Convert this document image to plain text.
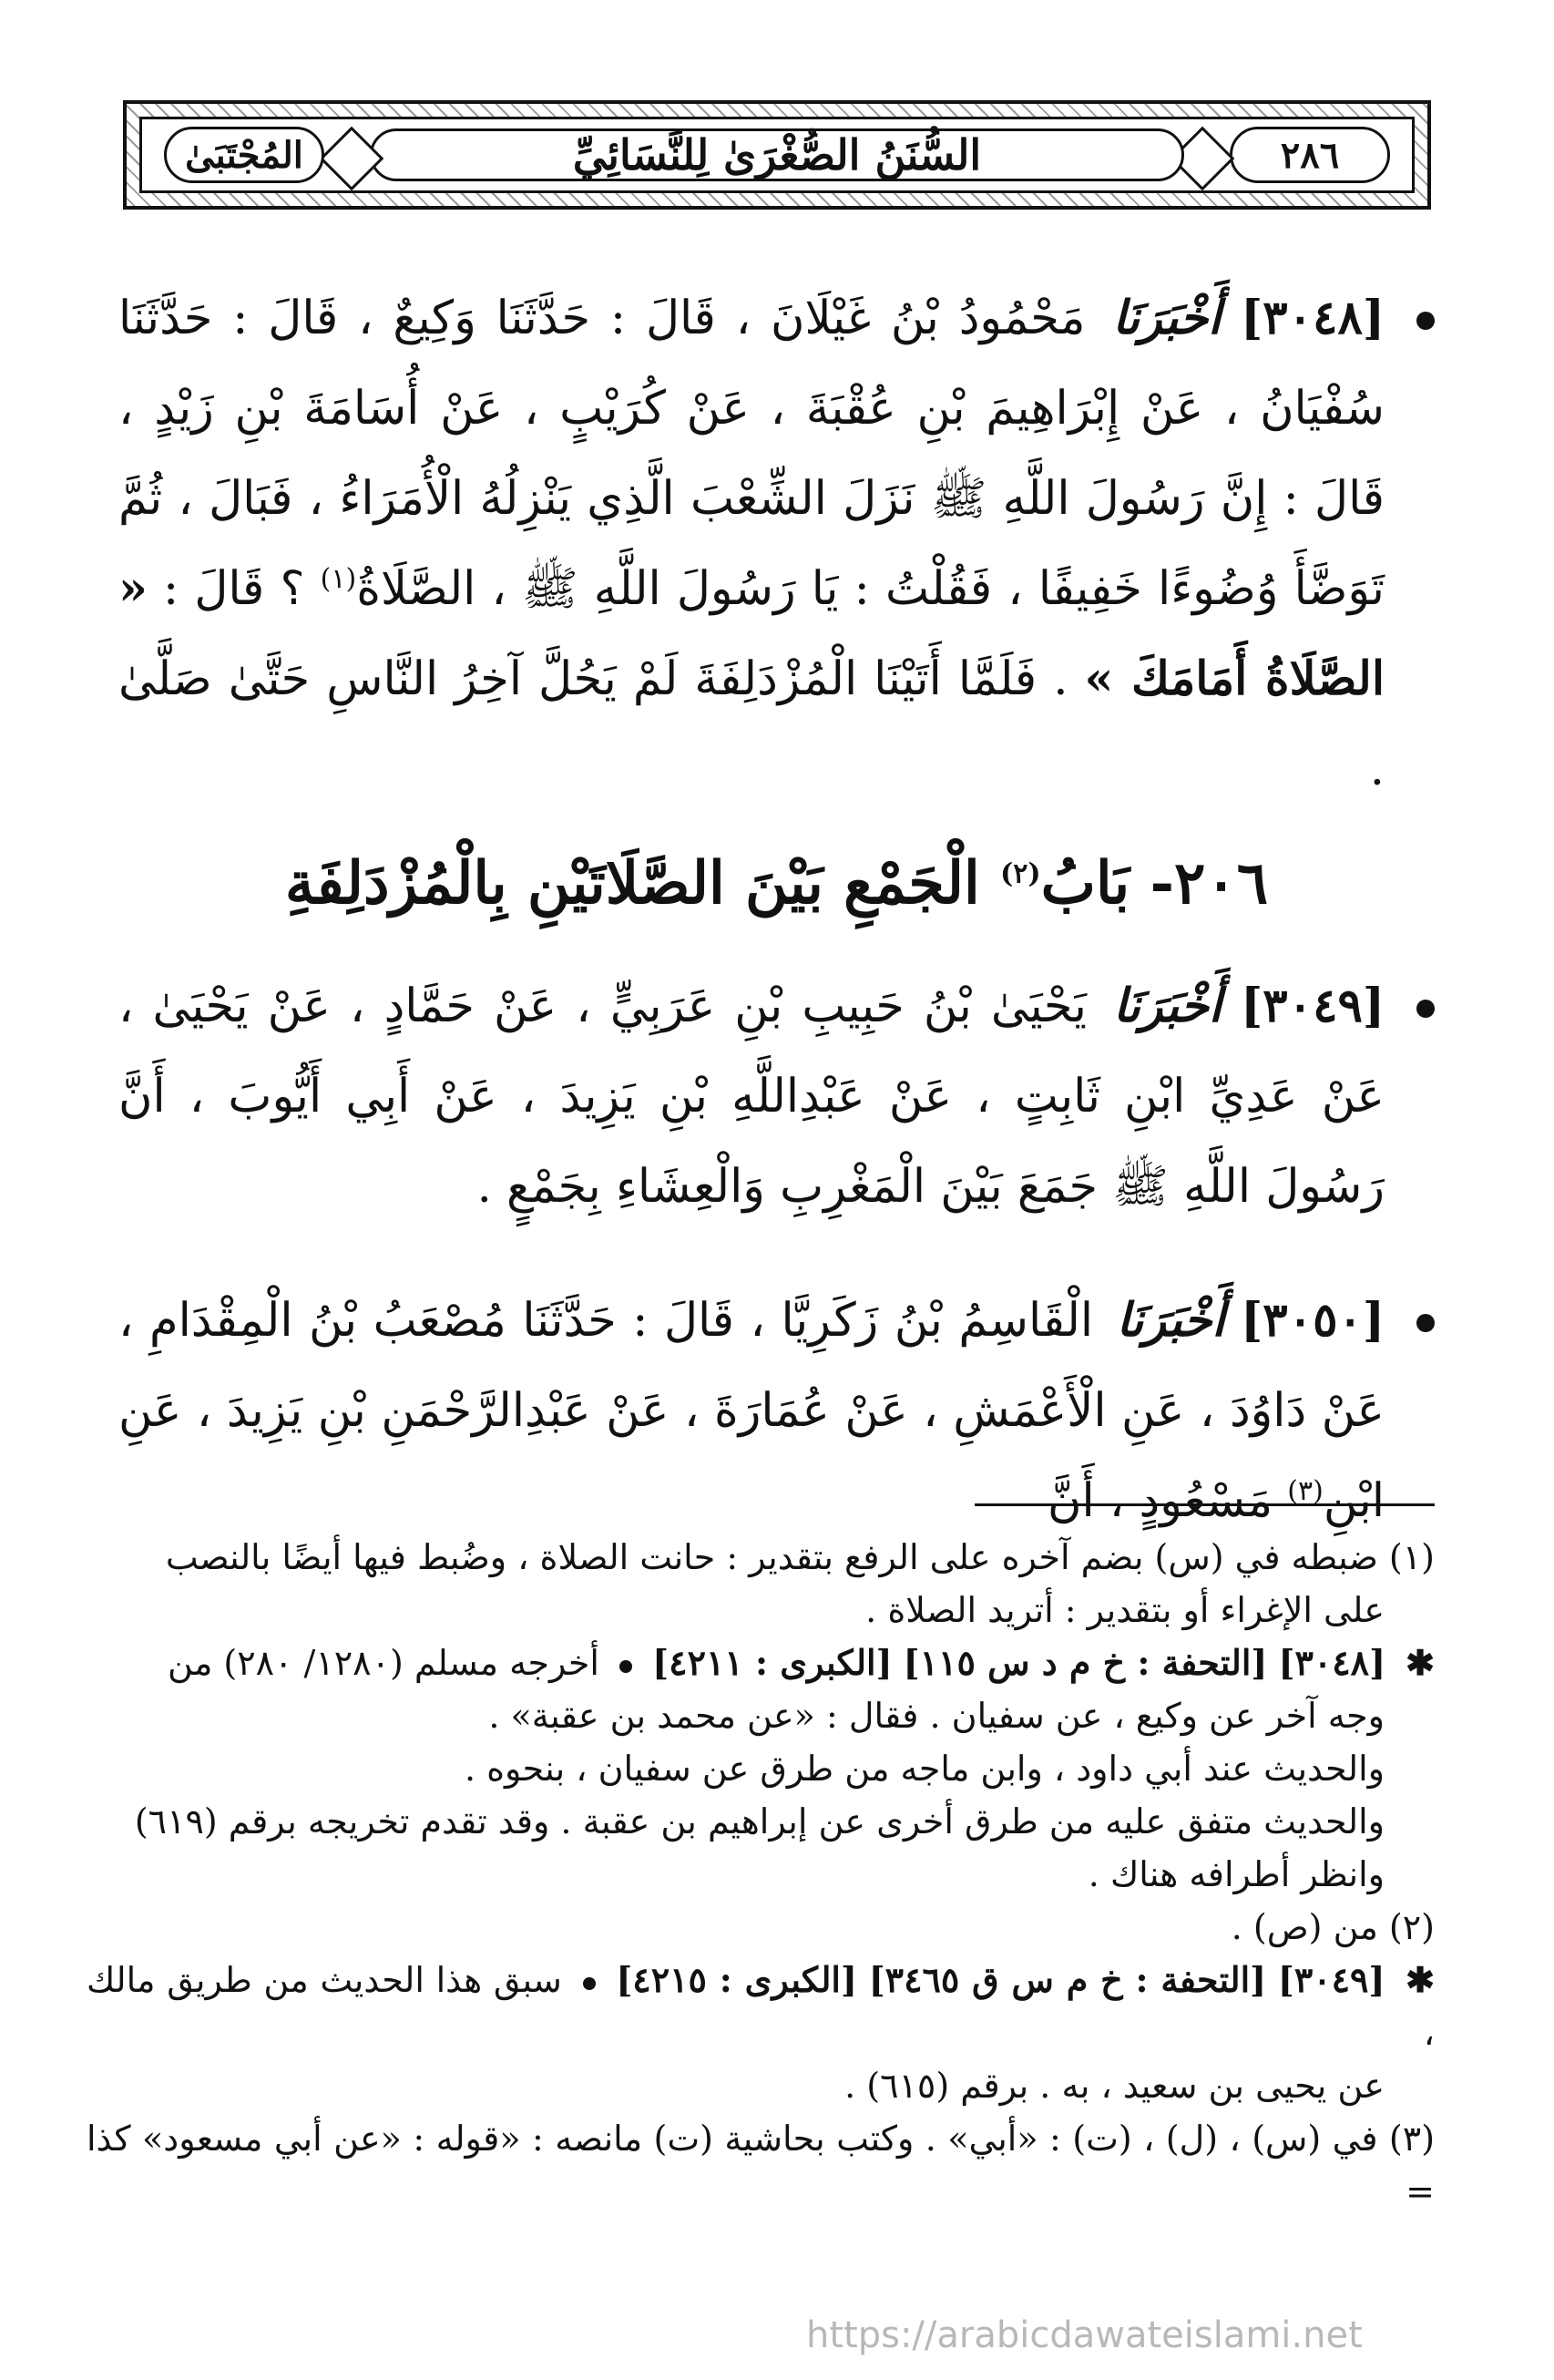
٢٨٦
السُّنَنُ الصُّغْرَىٰ لِلنَّسَائِيِّ
المُجْتَبَىٰ
[٣٠٤٨] أَخْبَرَنَا مَحْمُودُ بْنُ غَيْلَانَ ، قَالَ : حَدَّثَنَا وَكِيعٌ ، قَالَ : حَدَّثَنَا سُفْيَانُ ، عَنْ إِبْرَاهِيمَ بْنِ عُقْبَةَ ، عَنْ كُرَيْبٍ ، عَنْ أُسَامَةَ بْنِ زَيْدٍ ، قَالَ : إِنَّ رَسُولَ اللَّهِ ﷺ نَزَلَ الشِّعْبَ الَّذِي يَنْزِلُهُ الْأُمَرَاءُ ، فَبَالَ ، ثُمَّ تَوَضَّأَ وُضُوءًا خَفِيفًا ، فَقُلْتُ : يَا رَسُولَ اللَّهِ ﷺ ، الصَّلَاةُ$^{(١)}$ ؟ قَالَ : « الصَّلَاةُ أَمَامَكَ » . فَلَمَّا أَتَيْنَا الْمُزْدَلِفَةَ لَمْ يَحُلَّ آخِرُ النَّاسِ حَتَّىٰ صَلَّىٰ .
٢٠٦- بَابُ$^{(٢)}$ الْجَمْعِ بَيْنَ الصَّلَاتَيْنِ بِالْمُزْدَلِفَةِ
[٣٠٤٩] أَخْبَرَنَا يَحْيَىٰ بْنُ حَبِيبِ بْنِ عَرَبِيٍّ ، عَنْ حَمَّادٍ ، عَنْ يَحْيَىٰ ، عَنْ عَدِيِّ ابْنِ ثَابِتٍ ، عَنْ عَبْدِاللَّهِ بْنِ يَزِيدَ ، عَنْ أَبِي أَيُّوبَ ، أَنَّ رَسُولَ اللَّهِ ﷺ جَمَعَ بَيْنَ الْمَغْرِبِ وَالْعِشَاءِ بِجَمْعٍ .
[٣٠٥٠] أَخْبَرَنَا الْقَاسِمُ بْنُ زَكَرِيَّا ، قَالَ : حَدَّثَنَا مُصْعَبُ بْنُ الْمِقْدَامِ ، عَنْ دَاوُدَ ، عَنِ الْأَعْمَشِ ، عَنْ عُمَارَةَ ، عَنْ عَبْدِالرَّحْمَنِ بْنِ يَزِيدَ ، عَنِ ابْنِ$^{(٣)}$ مَسْعُودٍ ، أَنَّ
(١) ضبطه في (س) بضم آخره على الرفع بتقدير : حانت الصلاة ، وضُبط فيها أيضًا بالنصب
على الإغراء أو بتقدير : أتريد الصلاة .
✱ [٣٠٤٨] [التحفة : خ م د س ١١٥] [الكبرى : ٤٢١١]  أخرجه مسلم (١٢٨٠/ ٢٨٠) من
وجه آخر عن وكيع ، عن سفيان . فقال : «عن محمد بن عقبة» .
والحديث عند أبي داود ، وابن ماجه من طرق عن سفيان ، بنحوه .
والحديث متفق عليه من طرق أخرى عن إبراهيم بن عقبة . وقد تقدم تخريجه برقم (٦١٩)
وانظر أطرافه هناك .
(٢) من (ص) .
✱ [٣٠٤٩] [التحفة : خ م س ق ٣٤٦٥] [الكبرى : ٤٢١٥]  سبق هذا الحديث من طريق مالك ،
عن يحيى بن سعيد ، به . برقم (٦١٥) .
(٣) في (س) ، (ل) ، (ت) : «أبي» . وكتب بحاشية (ت) مانصه : «قوله : «عن أبي مسعود» كذا =
https://arabicdawateislami.net
